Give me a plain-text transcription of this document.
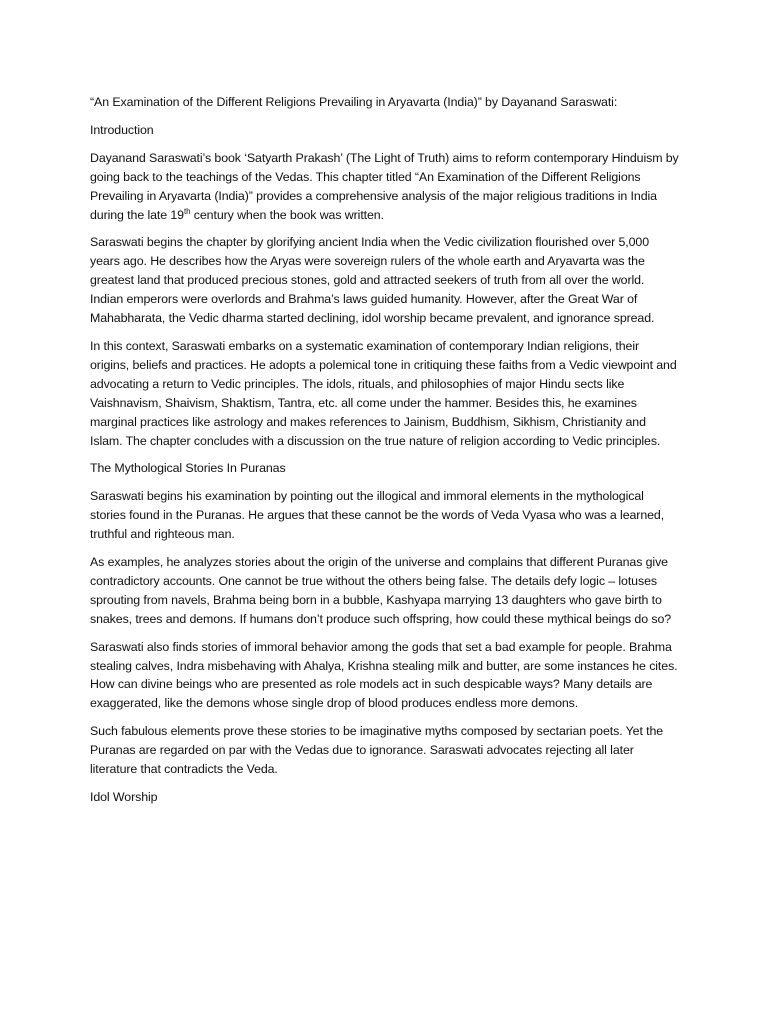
“An Examination of the Different Religions Prevailing in Aryavarta (India)” by Dayanand Saraswati:

Introduction

Dayanand Saraswati’s book ‘Satyarth Prakash’ (The Light of Truth) aims to reform contemporary Hinduism by going back to the teachings of the Vedas. This chapter titled “An Examination of the Different Religions Prevailing in Aryavarta (India)” provides a comprehensive analysis of the major religious traditions in India during the late 19th century when the book was written.

Saraswati begins the chapter by glorifying ancient India when the Vedic civilization flourished over 5,000 years ago. He describes how the Aryas were sovereign rulers of the whole earth and Aryavarta was the greatest land that produced precious stones, gold and attracted seekers of truth from all over the world. Indian emperors were overlords and Brahma’s laws guided humanity. However, after the Great War of Mahabharata, the Vedic dharma started declining, idol worship became prevalent, and ignorance spread.

In this context, Saraswati embarks on a systematic examination of contemporary Indian religions, their origins, beliefs and practices. He adopts a polemical tone in critiquing these faiths from a Vedic viewpoint and advocating a return to Vedic principles. The idols, rituals, and philosophies of major Hindu sects like Vaishnavism, Shaivism, Shaktism, Tantra, etc. all come under the hammer. Besides this, he examines marginal practices like astrology and makes references to Jainism, Buddhism, Sikhism, Christianity and Islam. The chapter concludes with a discussion on the true nature of religion according to Vedic principles.

The Mythological Stories In Puranas

Saraswati begins his examination by pointing out the illogical and immoral elements in the mythological stories found in the Puranas. He argues that these cannot be the words of Veda Vyasa who was a learned, truthful and righteous man.

As examples, he analyzes stories about the origin of the universe and complains that different Puranas give contradictory accounts. One cannot be true without the others being false. The details defy logic – lotuses sprouting from navels, Brahma being born in a bubble, Kashyapa marrying 13 daughters who gave birth to snakes, trees and demons. If humans don’t produce such offspring, how could these mythical beings do so?

Saraswati also finds stories of immoral behavior among the gods that set a bad example for people. Brahma stealing calves, Indra misbehaving with Ahalya, Krishna stealing milk and butter, are some instances he cites. How can divine beings who are presented as role models act in such despicable ways? Many details are exaggerated, like the demons whose single drop of blood produces endless more demons.

Such fabulous elements prove these stories to be imaginative myths composed by sectarian poets. Yet the Puranas are regarded on par with the Vedas due to ignorance. Saraswati advocates rejecting all later literature that contradicts the Veda.

Idol Worship
